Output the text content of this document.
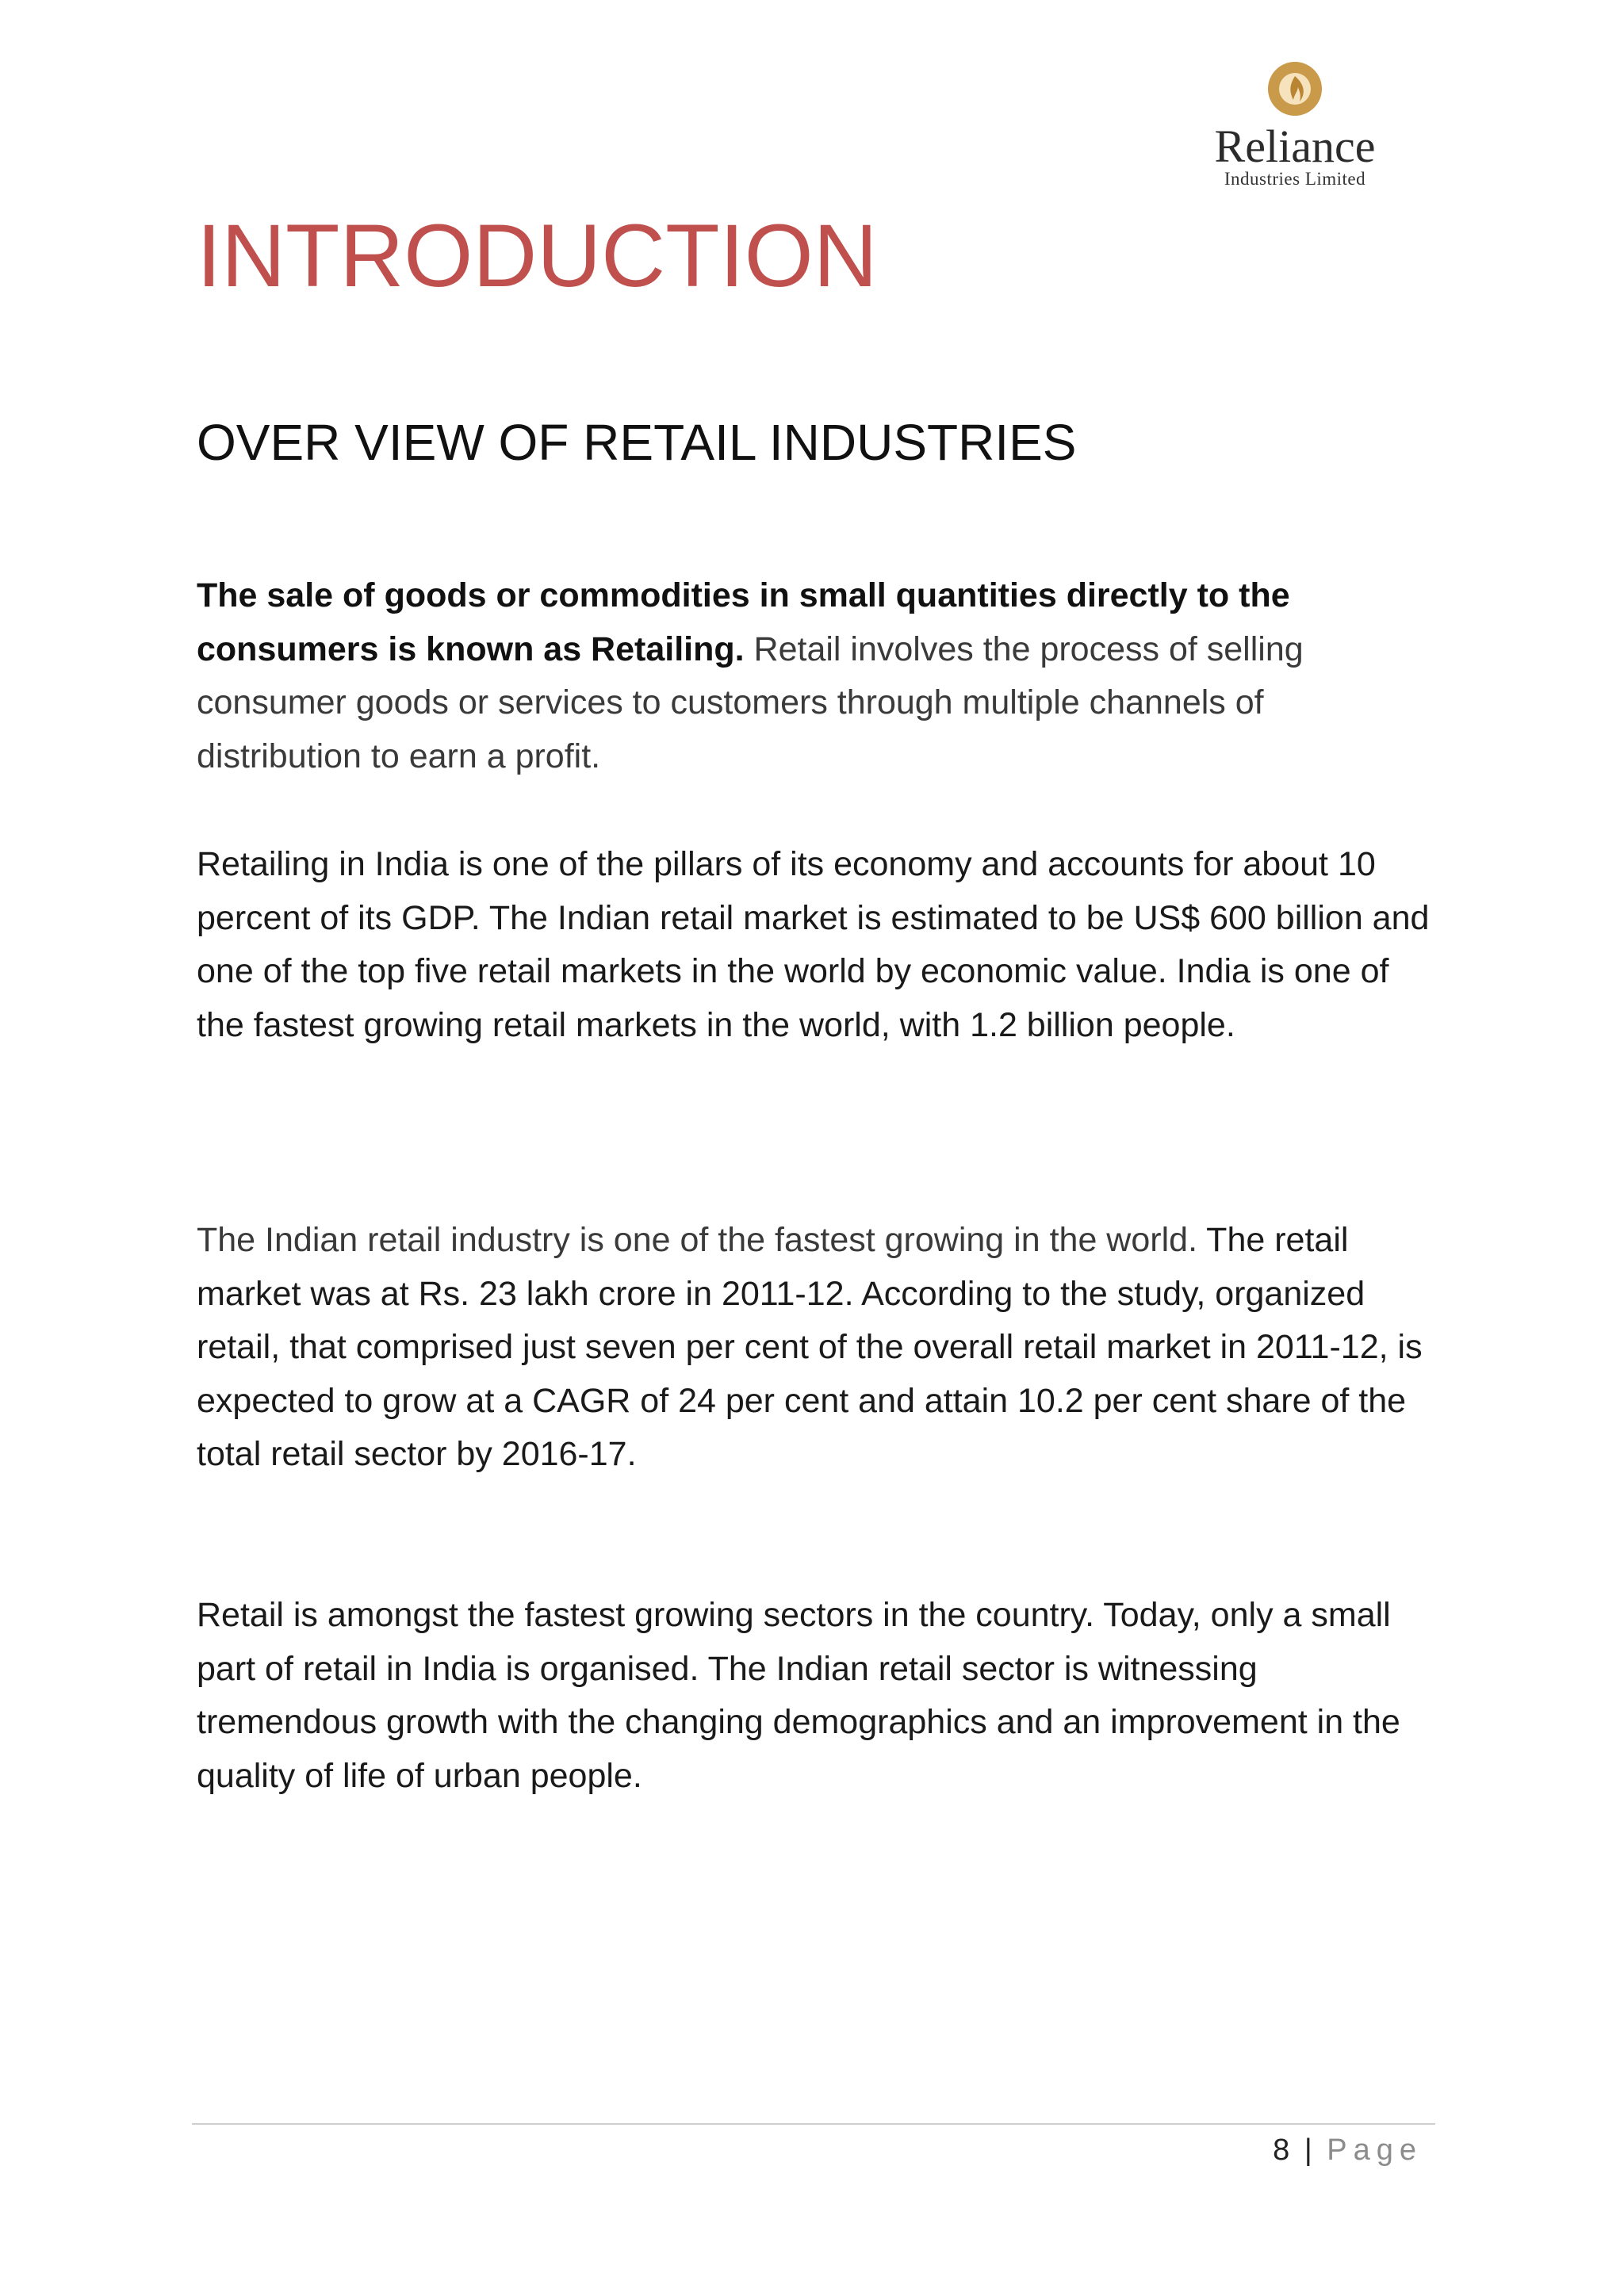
Reliance
Industries Limited
INTRODUCTION
OVER VIEW OF RETAIL INDUSTRIES

The sale of goods or commodities in small quantities directly to the consumers is known as Retailing. Retail involves the process of selling consumer goods or services to customers through multiple channels of distribution to earn a profit.

Retailing in India is one of the pillars of its economy and accounts for about 10 percent of its GDP. The Indian retail market is estimated to be US$ 600 billion and one of the top five retail markets in the world by economic value. India is one of the fastest growing retail markets in the world, with 1.2 billion people.

The Indian retail industry is one of the fastest growing in the world. The retail market was at Rs. 23 lakh crore in 2011-12. According to the study, organized retail, that comprised just seven per cent of the overall retail market in 2011-12, is expected to grow at a CAGR of 24 per cent and attain 10.2 per cent share of the total retail sector by 2016-17.

Retail is amongst the fastest growing sectors in the country. Today, only a small part of retail in India is organised. The Indian retail sector is witnessing tremendous growth with the changing demographics and an improvement in the quality of life of urban people.

8 | Page
